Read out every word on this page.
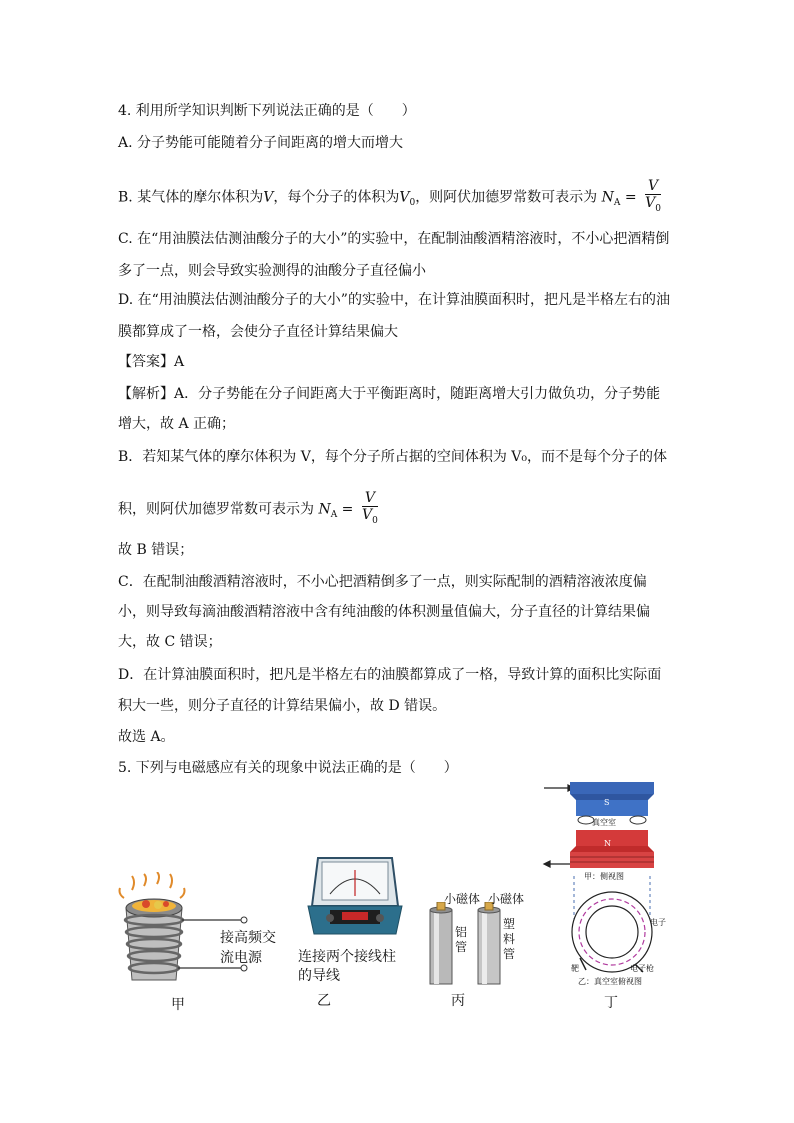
4. 利用所学知识判断下列说法正确的是（　　）
A. 分子势能可能随着分子间距离的增大而增大
B. 某气体的摩尔体积为V，每个分子的体积为$V_0$，则阿伏加德罗常数可表示为 $N_A = \frac{V}{V_0}$
C. 在“用油膜法估测油酸分子的大小”的实验中，在配制油酸酒精溶液时，不小心把酒精倒
多了一点，则会导致实验测得的油酸分子直径偏小
D. 在“用油膜法估测油酸分子的大小”的实验中，在计算油膜面积时，把凡是半格左右的油
膜都算成了一格，会使分子直径计算结果偏大
【答案】A
【解析】A．分子势能在分子间距离大于平衡距离时，随距离增大引力做负功，分子势能
增大，故 A 正确；
B．若知某气体的摩尔体积为 V，每个分子所占据的空间体积为 V₀，而不是每个分子的体
积，则阿伏加德罗常数可表示为 $N_A = \frac{V}{V_0}$
故 B 错误；
C．在配制油酸酒精溶液时，不小心把酒精倒多了一点，则实际配制的酒精溶液浓度偏
小，则导致每滴油酸酒精溶液中含有纯油酸的体积测量值偏大，分子直径的计算结果偏
大，故 C 错误；
D．在计算油膜面积时，把凡是半格左右的油膜都算成了一格，导致计算的面积比实际面
积大一些，则分子直径的计算结果偏小，故 D 错误。
故选 A。
5. 下列与电磁感应有关的现象中说法正确的是（　　）
接高频交
流电源
甲
连接两个接线柱
的导线
乙
小磁体 小磁体
铝管
塑料管
丙
S
N
真空室
甲：侧视图
电子
靶	电子枪
乙：真空室俯视图
丁
